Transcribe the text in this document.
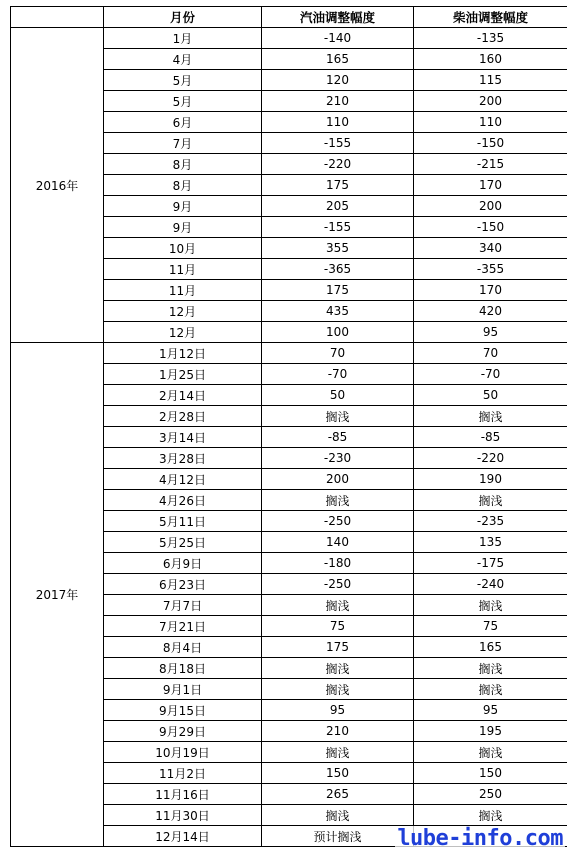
	月份	汽油调整幅度	柴油调整幅度
2016年	1月	-140	-135
	4月	165	160
	5月	120	115
	5月	210	200
	6月	110	110
	7月	-155	-150
	8月	-220	-215
	8月	175	170
	9月	205	200
	9月	-155	-150
	10月	355	340
	11月	-365	-355
	11月	175	170
	12月	435	420
	12月	100	95
2017年	1月12日	70	70
	1月25日	-70	-70
	2月14日	50	50
	2月28日	搁浅	搁浅
	3月14日	-85	-85
	3月28日	-230	-220
	4月12日	200	190
	4月26日	搁浅	搁浅
	5月11日	-250	-235
	5月25日	140	135
	6月9日	-180	-175
	6月23日	-250	-240
	7月7日	搁浅	搁浅
	7月21日	75	75
	8月4日	175	165
	8月18日	搁浅	搁浅
	9月1日	搁浅	搁浅
	9月15日	95	95
	9月29日	210	195
	10月19日	搁浅	搁浅
	11月2日	150	150
	11月16日	265	250
	11月30日	搁浅	搁浅
	12月14日	预计搁浅	lube-info.com
